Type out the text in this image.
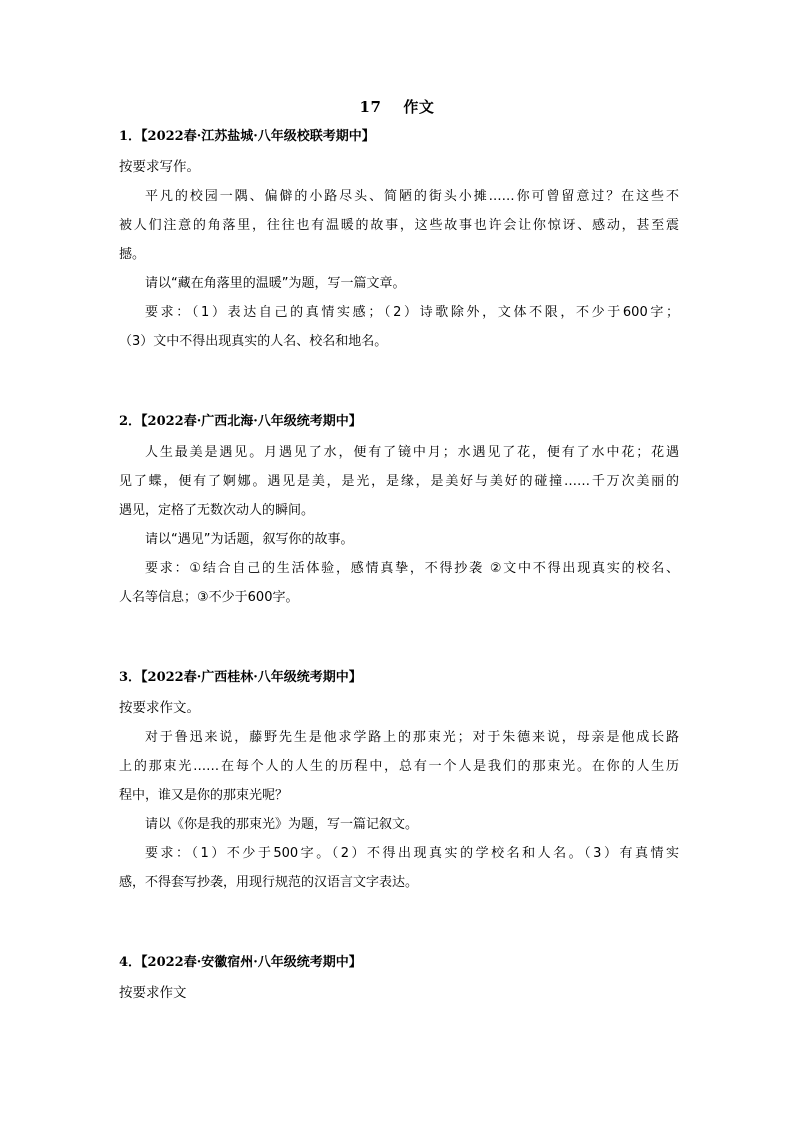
17 作文
1．【2022春·江苏盐城·八年级校联考期中】
按要求写作。
平凡的校园一隅、偏僻的小路尽头、简陋的街头小摊……你可曾留意过？在这些不
被人们注意的角落里，往往也有温暖的故事，这些故事也许会让你惊讶、感动，甚至震
撼。
请以“藏在角落里的温暖”为题，写一篇文章。
要求：（1）表达自己的真情实感；（2）诗歌除外，文体不限，不少于600字；
（3）文中不得出现真实的人名、校名和地名。
2．【2022春·广西北海·八年级统考期中】
人生最美是遇见。月遇见了水，便有了镜中月；水遇见了花，便有了水中花；花遇
见了蝶，便有了婀娜。遇见是美，是光，是缘，是美好与美好的碰撞……千万次美丽的
遇见，定格了无数次动人的瞬间。
请以“遇见”为话题，叙写你的故事。
要求：①结合自己的生活体验，感情真挚，不得抄袭 ②文中不得出现真实的校名、
人名等信息；③不少于600字。
3．【2022春·广西桂林·八年级统考期中】
按要求作文。
对于鲁迅来说，藤野先生是他求学路上的那束光；对于朱德来说，母亲是他成长路
上的那束光……在每个人的人生的历程中，总有一个人是我们的那束光。在你的人生历
程中，谁又是你的那束光呢？
请以《你是我的那束光》为题，写一篇记叙文。
要求：（1）不少于500字。（2）不得出现真实的学校名和人名。（3）有真情实
感，不得套写抄袭，用现行规范的汉语言文字表达。
4．【2022春·安徽宿州·八年级统考期中】
按要求作文
